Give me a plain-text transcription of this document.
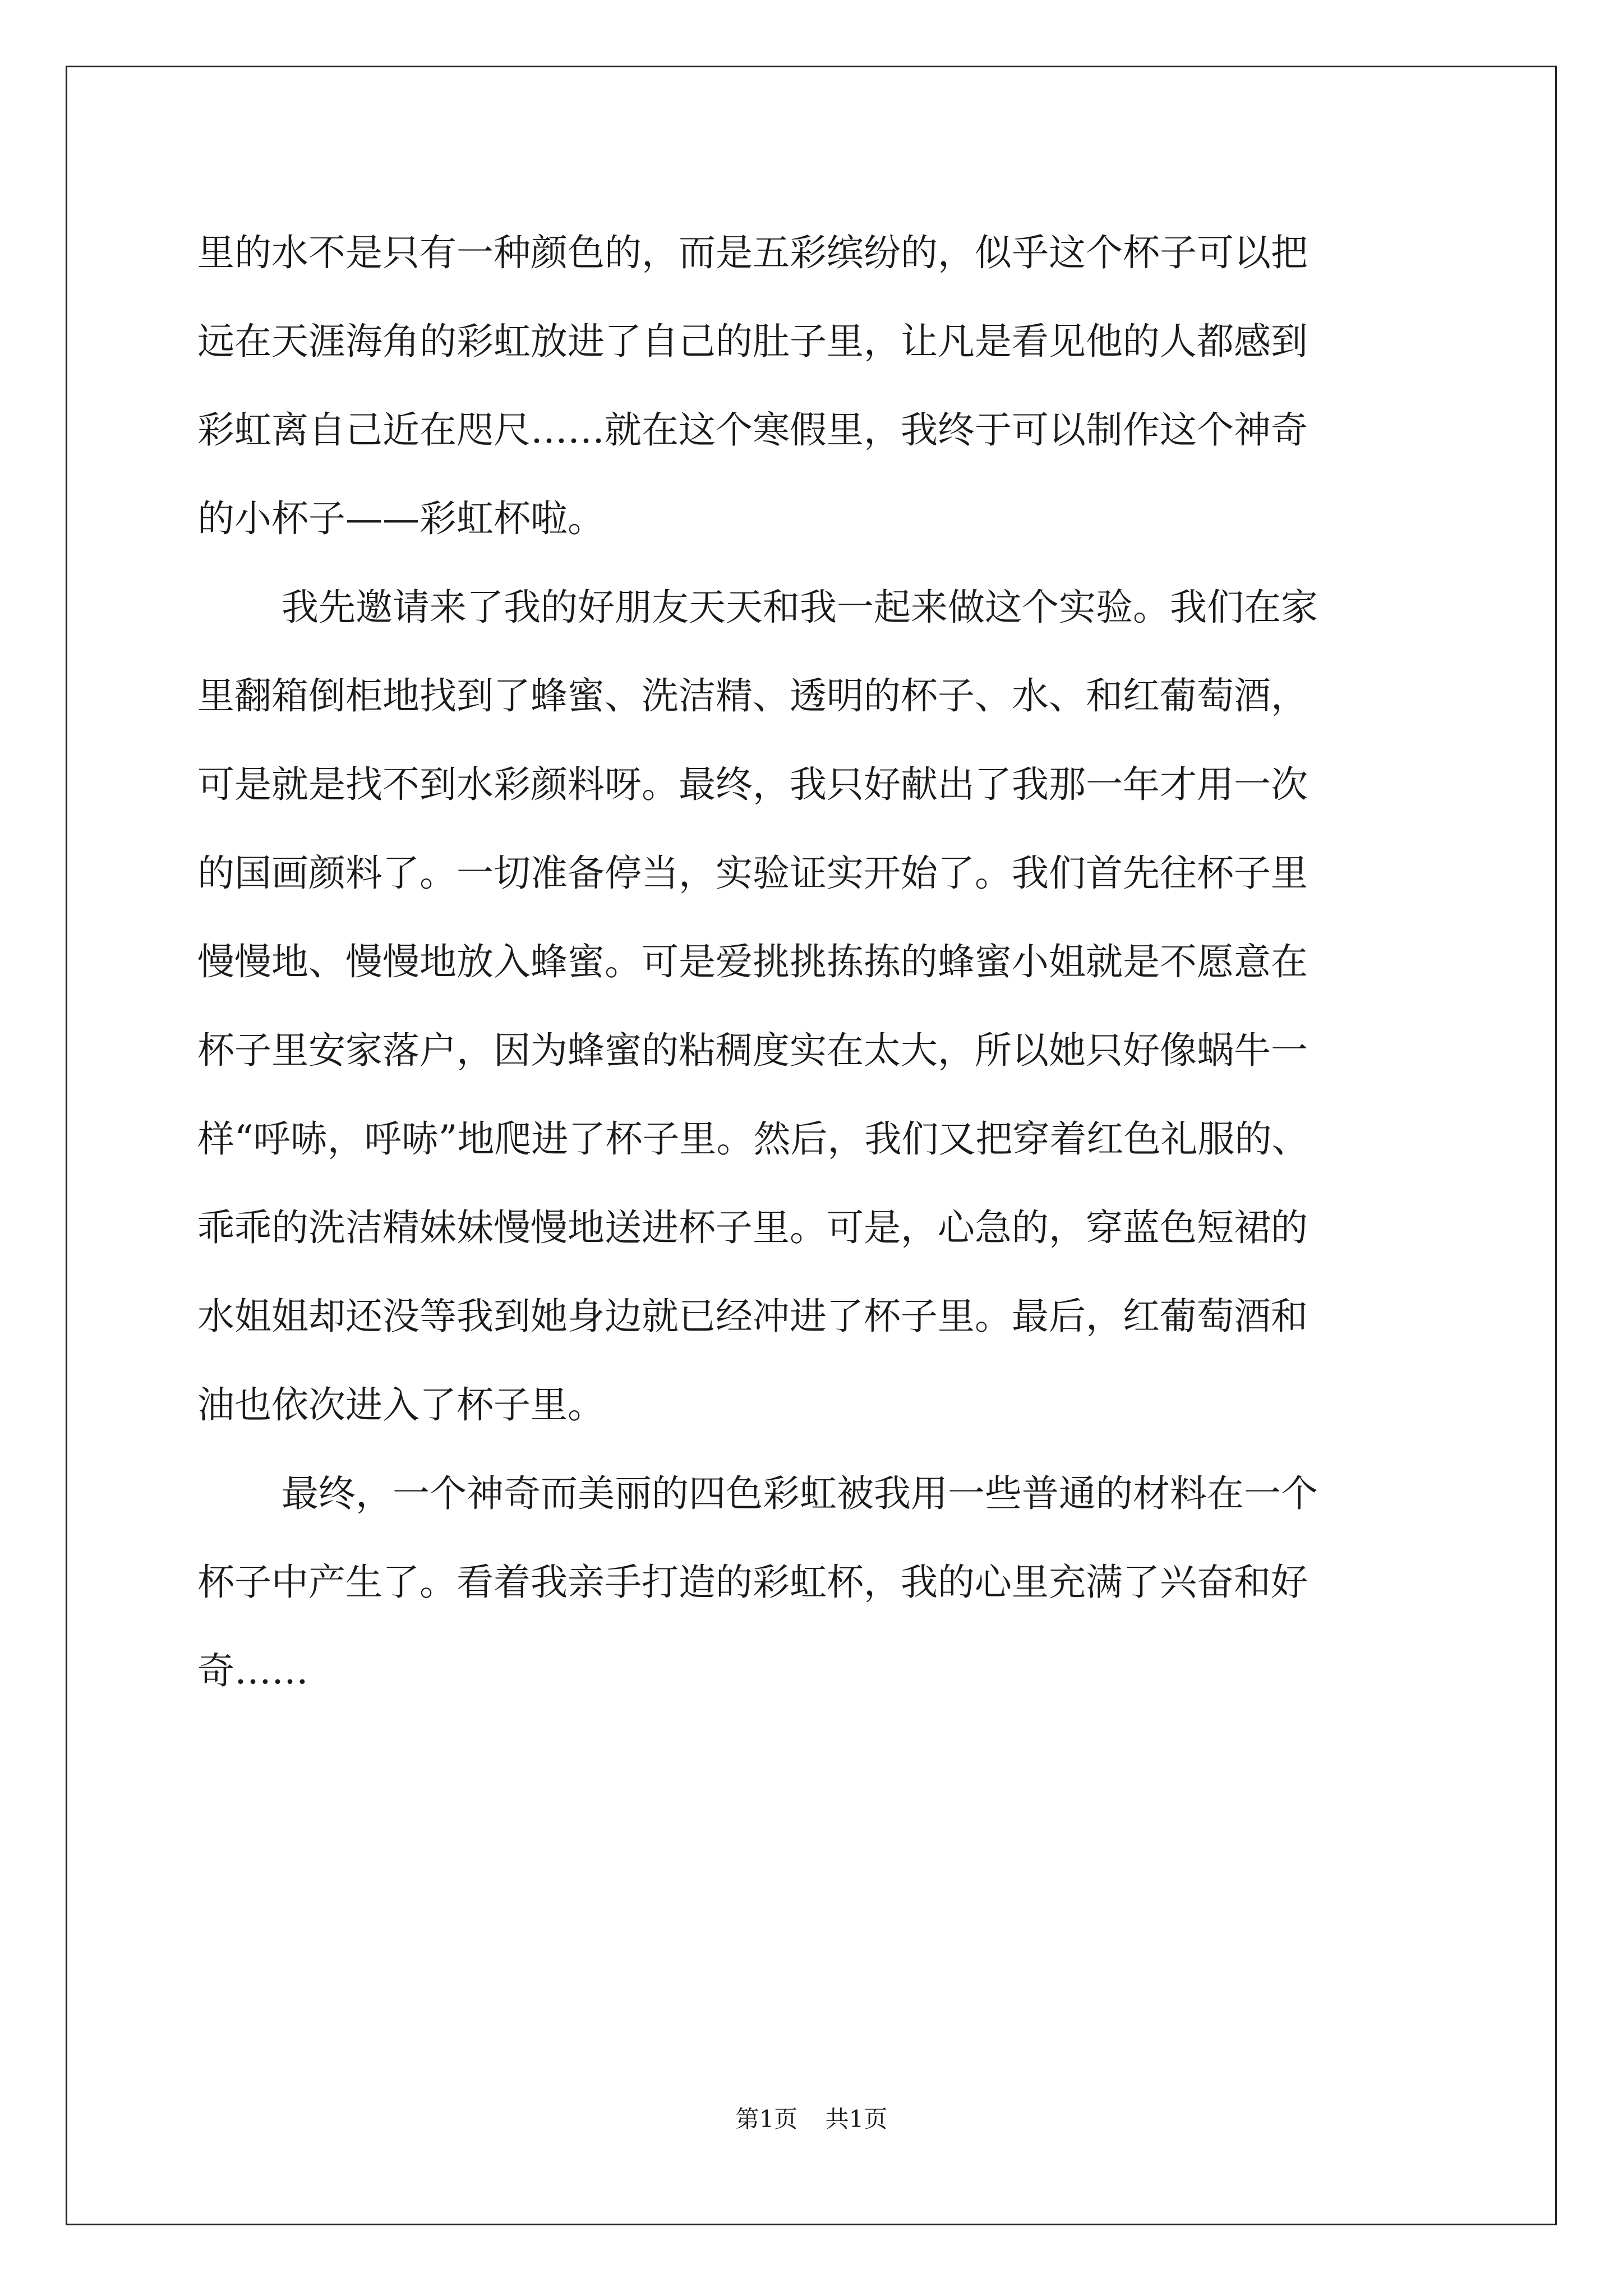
里的水不是只有一种颜色的，而是五彩缤纷的，似乎这个杯子可以把
远在天涯海角的彩虹放进了自己的肚子里，让凡是看见他的人都感到
彩虹离自己近在咫尺……就在这个寒假里，我终于可以制作这个神奇
的小杯子——彩虹杯啦。
我先邀请来了我的好朋友天天和我一起来做这个实验。我们在家
里翻箱倒柜地找到了蜂蜜、洗洁精、透明的杯子、水、和红葡萄酒，
可是就是找不到水彩颜料呀。最终，我只好献出了我那一年才用一次
的国画颜料了。一切准备停当，实验证实开始了。我们首先往杯子里
慢慢地、慢慢地放入蜂蜜。可是爱挑挑拣拣的蜂蜜小姐就是不愿意在
杯子里安家落户，因为蜂蜜的粘稠度实在太大，所以她只好像蜗牛一
样“呼哧，呼哧”地爬进了杯子里。然后，我们又把穿着红色礼服的、
乖乖的洗洁精妹妹慢慢地送进杯子里。可是，心急的，穿蓝色短裙的
水姐姐却还没等我到她身边就已经冲进了杯子里。最后，红葡萄酒和
油也依次进入了杯子里。
最终，一个神奇而美丽的四色彩虹被我用一些普通的材料在一个
杯子中产生了。看着我亲手打造的彩虹杯，我的心里充满了兴奋和好
奇……
第1页 共1页
